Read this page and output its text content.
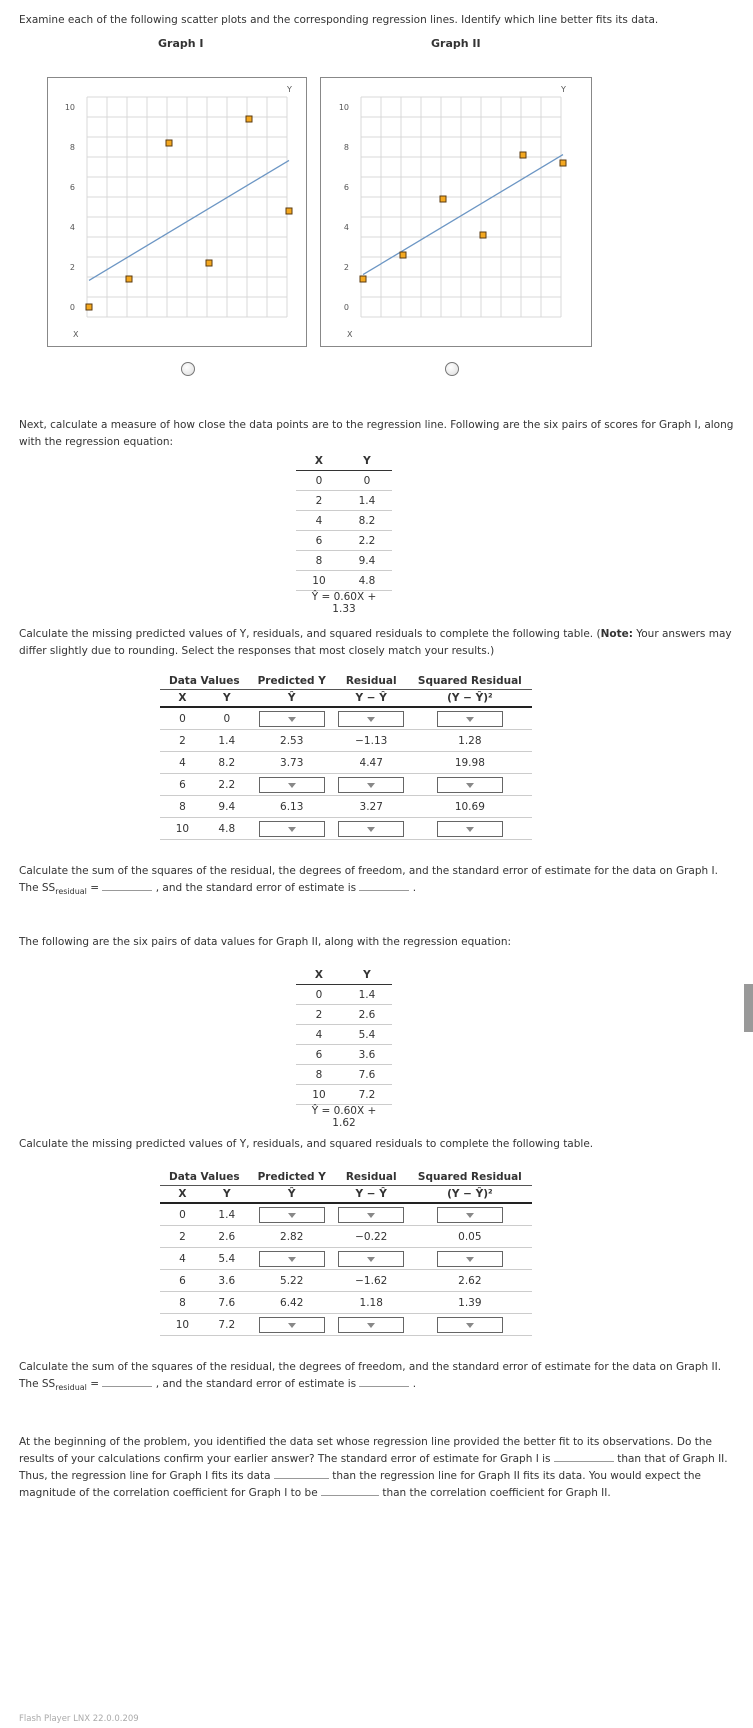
Examine each of the following scatter plots and the corresponding regression lines. Identify which line better fits its data.

Graph I	Graph II
10
8
6
4
2
0
Y
X
10
8
6
4
2
0
Y
X

Next, calculate a measure of how close the data points are to the regression line. Following are the six pairs of scores for Graph I, along with the regression equation:

X	Y
0	0
2	1.4
4	8.2
6	2.2
8	9.4
10	4.8
Ŷ = 0.60X + 1.33	

Calculate the missing predicted values of Y, residuals, and squared residuals to complete the following table. (Note: Your answers may differ slightly due to rounding. Select the responses that most closely match your results.)

Data Values		Predicted Y	Residual	Squared Residual
X	Y	Ŷ	Y − Ŷ	(Y − Ŷ)²
0	0			
2	1.4	2.53	−1.13	1.28
4	8.2	3.73	4.47	19.98
6	2.2			
8	9.4	6.13	3.27	10.69
10	4.8			

Calculate the sum of the squares of the residual, the degrees of freedom, and the standard error of estimate for the data on Graph I. The $SS_{residual}$ =	, and the standard error of estimate is	.

The following are the six pairs of data values for Graph II, along with the regression equation:

X	Y
0	1.4
2	2.6
4	5.4
6	3.6
8	7.6
10	7.2
Ŷ = 0.60X + 1.62	

Calculate the missing predicted values of Y, residuals, and squared residuals to complete the following table.

Data Values		Predicted Y	Residual	Squared Residual
X	Y	Ŷ	Y − Ŷ	(Y − Ŷ)²
0	1.4			
2	2.6	2.82	−0.22	0.05
4	5.4			
6	3.6	5.22	−1.62	2.62
8	7.6	6.42	1.18	1.39
10	7.2			

Calculate the sum of the squares of the residual, the degrees of freedom, and the standard error of estimate for the data on Graph II. The $SS_{residual}$ =	, and the standard error of estimate is	.

At the beginning of the problem, you identified the data set whose regression line provided the better fit to its observations. Do the results of your calculations confirm your earlier answer? The standard error of estimate for Graph I is	than that of Graph II. Thus, the regression line for Graph I fits its data	than the regression line for Graph II fits its data. You would expect the magnitude of the correlation coefficient for Graph I to be	than the correlation coefficient for Graph II.

Flash Player LNX 22.0.0.209
